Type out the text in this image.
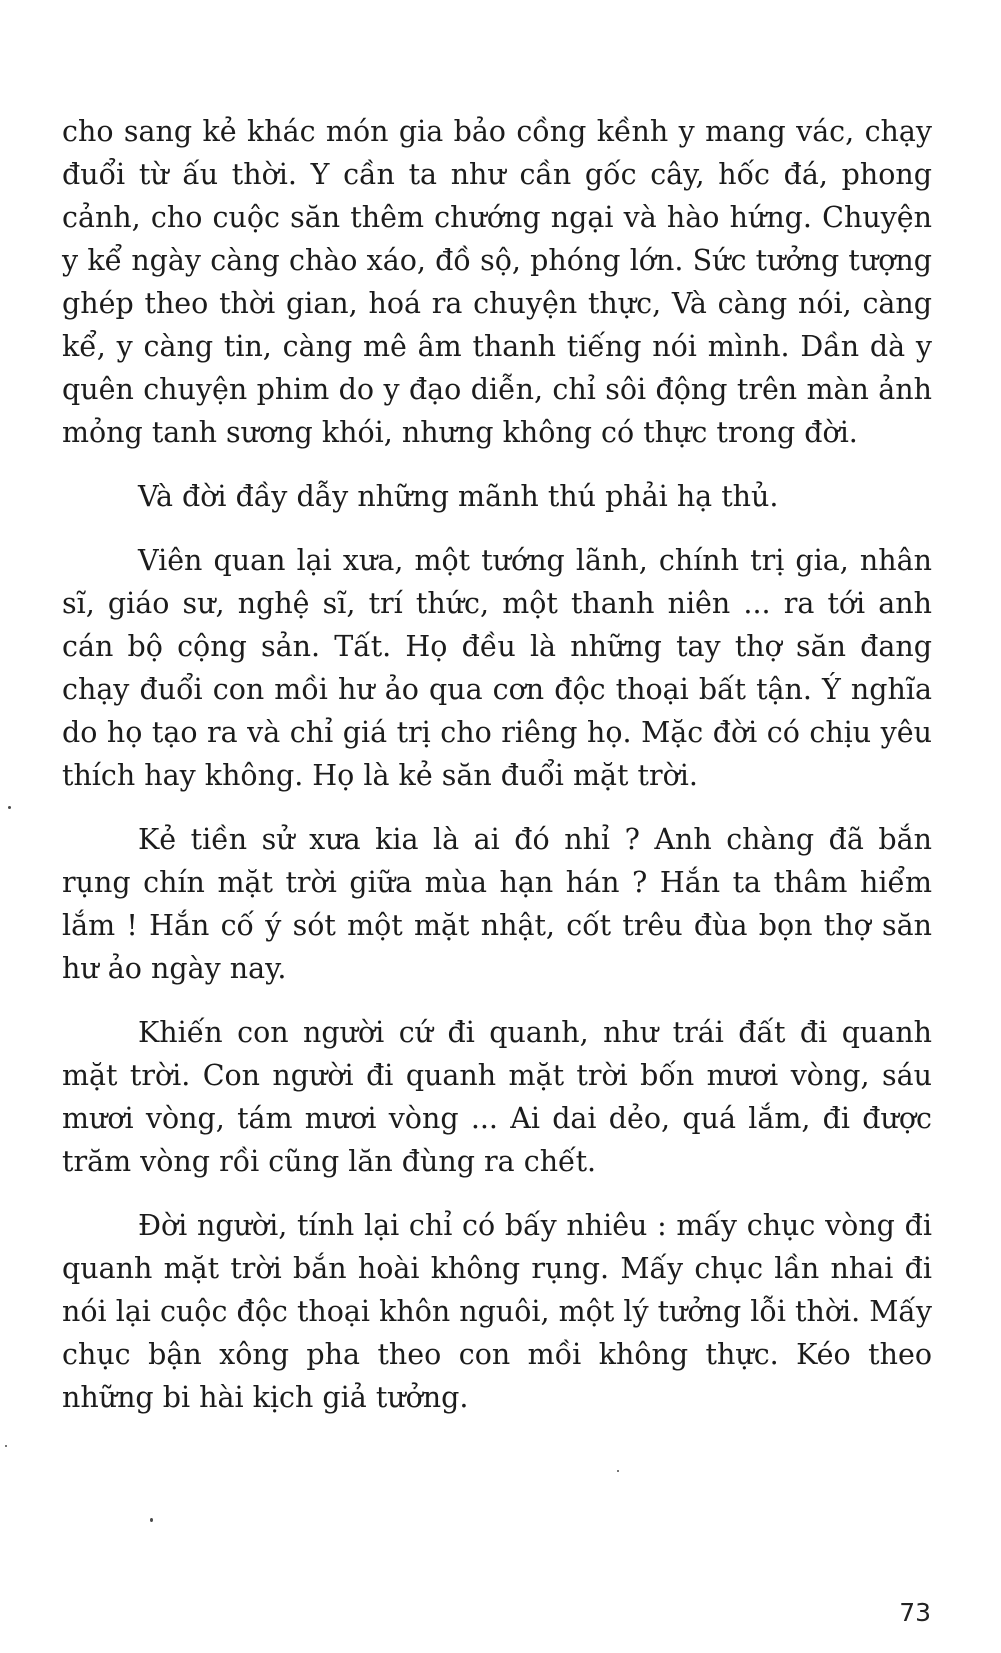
cho sang kẻ khác món gia bảo cồng kềnh y mang vác, chạy đuổi từ ấu thời. Y cần ta như cần gốc cây, hốc đá, phong cảnh, cho cuộc săn thêm chướng ngại và hào hứng. Chuyện y kể ngày càng chào xáo, đồ sộ, phóng lớn. Sức tưởng tượng ghép theo thời gian, hoá ra chuyện thực, Và càng nói, càng kể, y càng tin, càng mê âm thanh tiếng nói mình. Dần dà y quên chuyện phim do y đạo diễn, chỉ sôi động trên màn ảnh mỏng tanh sương khói, nhưng không có thực trong đời.

Và đời đầy dẫy những mãnh thú phải hạ thủ.

Viên quan lại xưa, một tướng lãnh, chính trị gia, nhân sĩ, giáo sư, nghệ sĩ, trí thức, một thanh niên ... ra tới anh cán bộ cộng sản. Tất. Họ đều là những tay thợ săn đang chạy đuổi con mồi hư ảo qua cơn độc thoại bất tận. Ý nghĩa do họ tạo ra và chỉ giá trị cho riêng họ. Mặc đời có chịu yêu thích hay không. Họ là kẻ săn đuổi mặt trời.

Kẻ tiền sử xưa kia là ai đó nhỉ ? Anh chàng đã bắn rụng chín mặt trời giữa mùa hạn hán ? Hắn ta thâm hiểm lắm ! Hắn cố ý sót một mặt nhật, cốt trêu đùa bọn thợ săn hư ảo ngày nay.

Khiến con người cứ đi quanh, như trái đất đi quanh mặt trời. Con người đi quanh mặt trời bốn mươi vòng, sáu mươi vòng, tám mươi vòng ... Ai dai dẻo, quá lắm, đi được trăm vòng rồi cũng lăn đùng ra chết.

Đời người, tính lại chỉ có bấy nhiêu : mấy chục vòng đi quanh mặt trời bắn hoài không rụng. Mấy chục lần nhai đi nói lại cuộc độc thoại khôn nguôi, một lý tưởng lỗi thời. Mấy chục bận xông pha theo con mồi không thực. Kéo theo những bi hài kịch giả tưởng.

73
